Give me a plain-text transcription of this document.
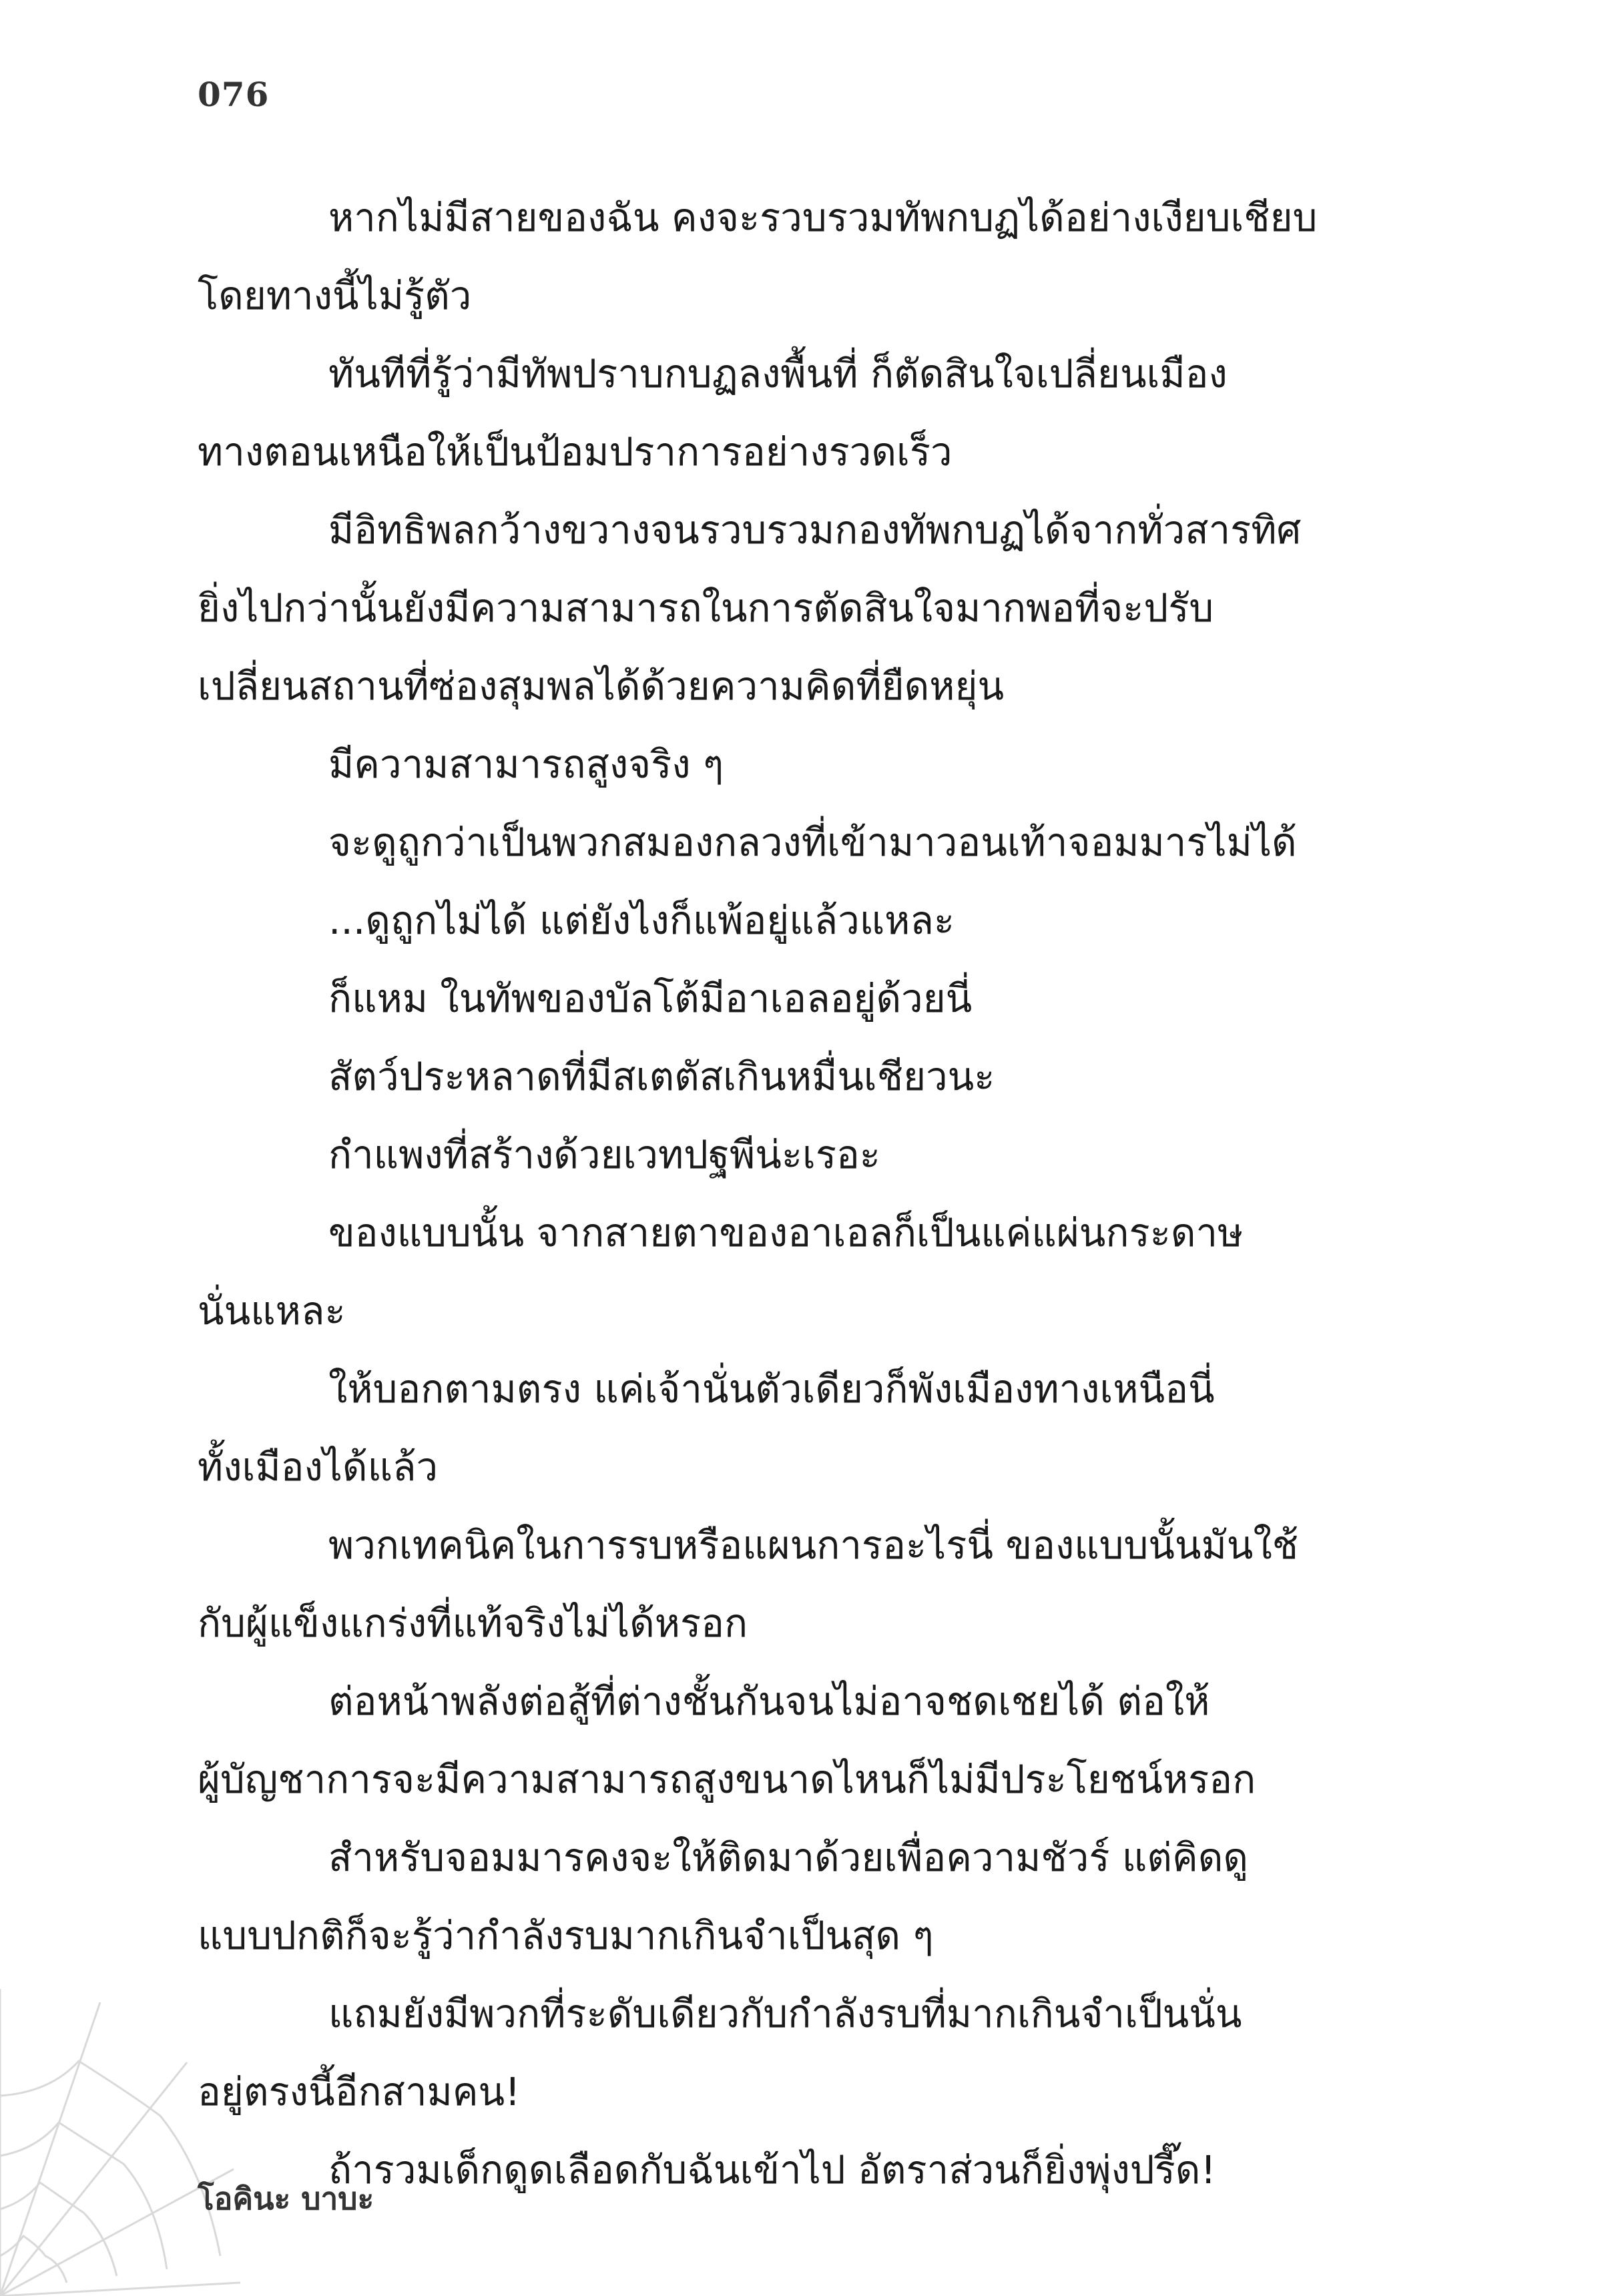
076
หากไม่มีสายของฉัน คงจะรวบรวมทัพกบฏได้อย่างเงียบเชียบ
โดยทางนี้ไม่รู้ตัว
ทันทีที่รู้ว่ามีทัพปราบกบฏลงพื้นที่ ก็ตัดสินใจเปลี่ยนเมือง
ทางตอนเหนือให้เป็นป้อมปราการอย่างรวดเร็ว
มีอิทธิพลกว้างขวางจนรวบรวมกองทัพกบฏได้จากทั่วสารทิศ
ยิ่งไปกว่านั้นยังมีความสามารถในการตัดสินใจมากพอที่จะปรับ
เปลี่ยนสถานที่ซ่องสุมพลได้ด้วยความคิดที่ยืดหยุ่น
มีความสามารถสูงจริง ๆ
จะดูถูกว่าเป็นพวกสมองกลวงที่เข้ามาวอนเท้าจอมมารไม่ได้
...ดูถูกไม่ได้ แต่ยังไงก็แพ้อยู่แล้วแหละ
ก็แหม ในทัพของบัลโต้มีอาเอลอยู่ด้วยนี่
สัตว์ประหลาดที่มีสเตตัสเกินหมื่นเชียวนะ
กำแพงที่สร้างด้วยเวทปฐพีน่ะเรอะ
ของแบบนั้น จากสายตาของอาเอลก็เป็นแค่แผ่นกระดาษ
นั่นแหละ
ให้บอกตามตรง แค่เจ้านั่นตัวเดียวก็พังเมืองทางเหนือนี่
ทั้งเมืองได้แล้ว
พวกเทคนิคในการรบหรือแผนการอะไรนี่ ของแบบนั้นมันใช้
กับผู้แข็งแกร่งที่แท้จริงไม่ได้หรอก
ต่อหน้าพลังต่อสู้ที่ต่างชั้นกันจนไม่อาจชดเชยได้ ต่อให้
ผู้บัญชาการจะมีความสามารถสูงขนาดไหนก็ไม่มีประโยชน์หรอก
สำหรับจอมมารคงจะให้ติดมาด้วยเพื่อความชัวร์ แต่คิดดู
แบบปกติก็จะรู้ว่ากำลังรบมากเกินจำเป็นสุด ๆ
แถมยังมีพวกที่ระดับเดียวกับกำลังรบที่มากเกินจำเป็นนั่น
อยู่ตรงนี้อีกสามคน!
ถ้ารวมเด็กดูดเลือดกับฉันเข้าไป อัตราส่วนก็ยิ่งพุ่งปรี๊ด!
โอคินะ บาบะ
